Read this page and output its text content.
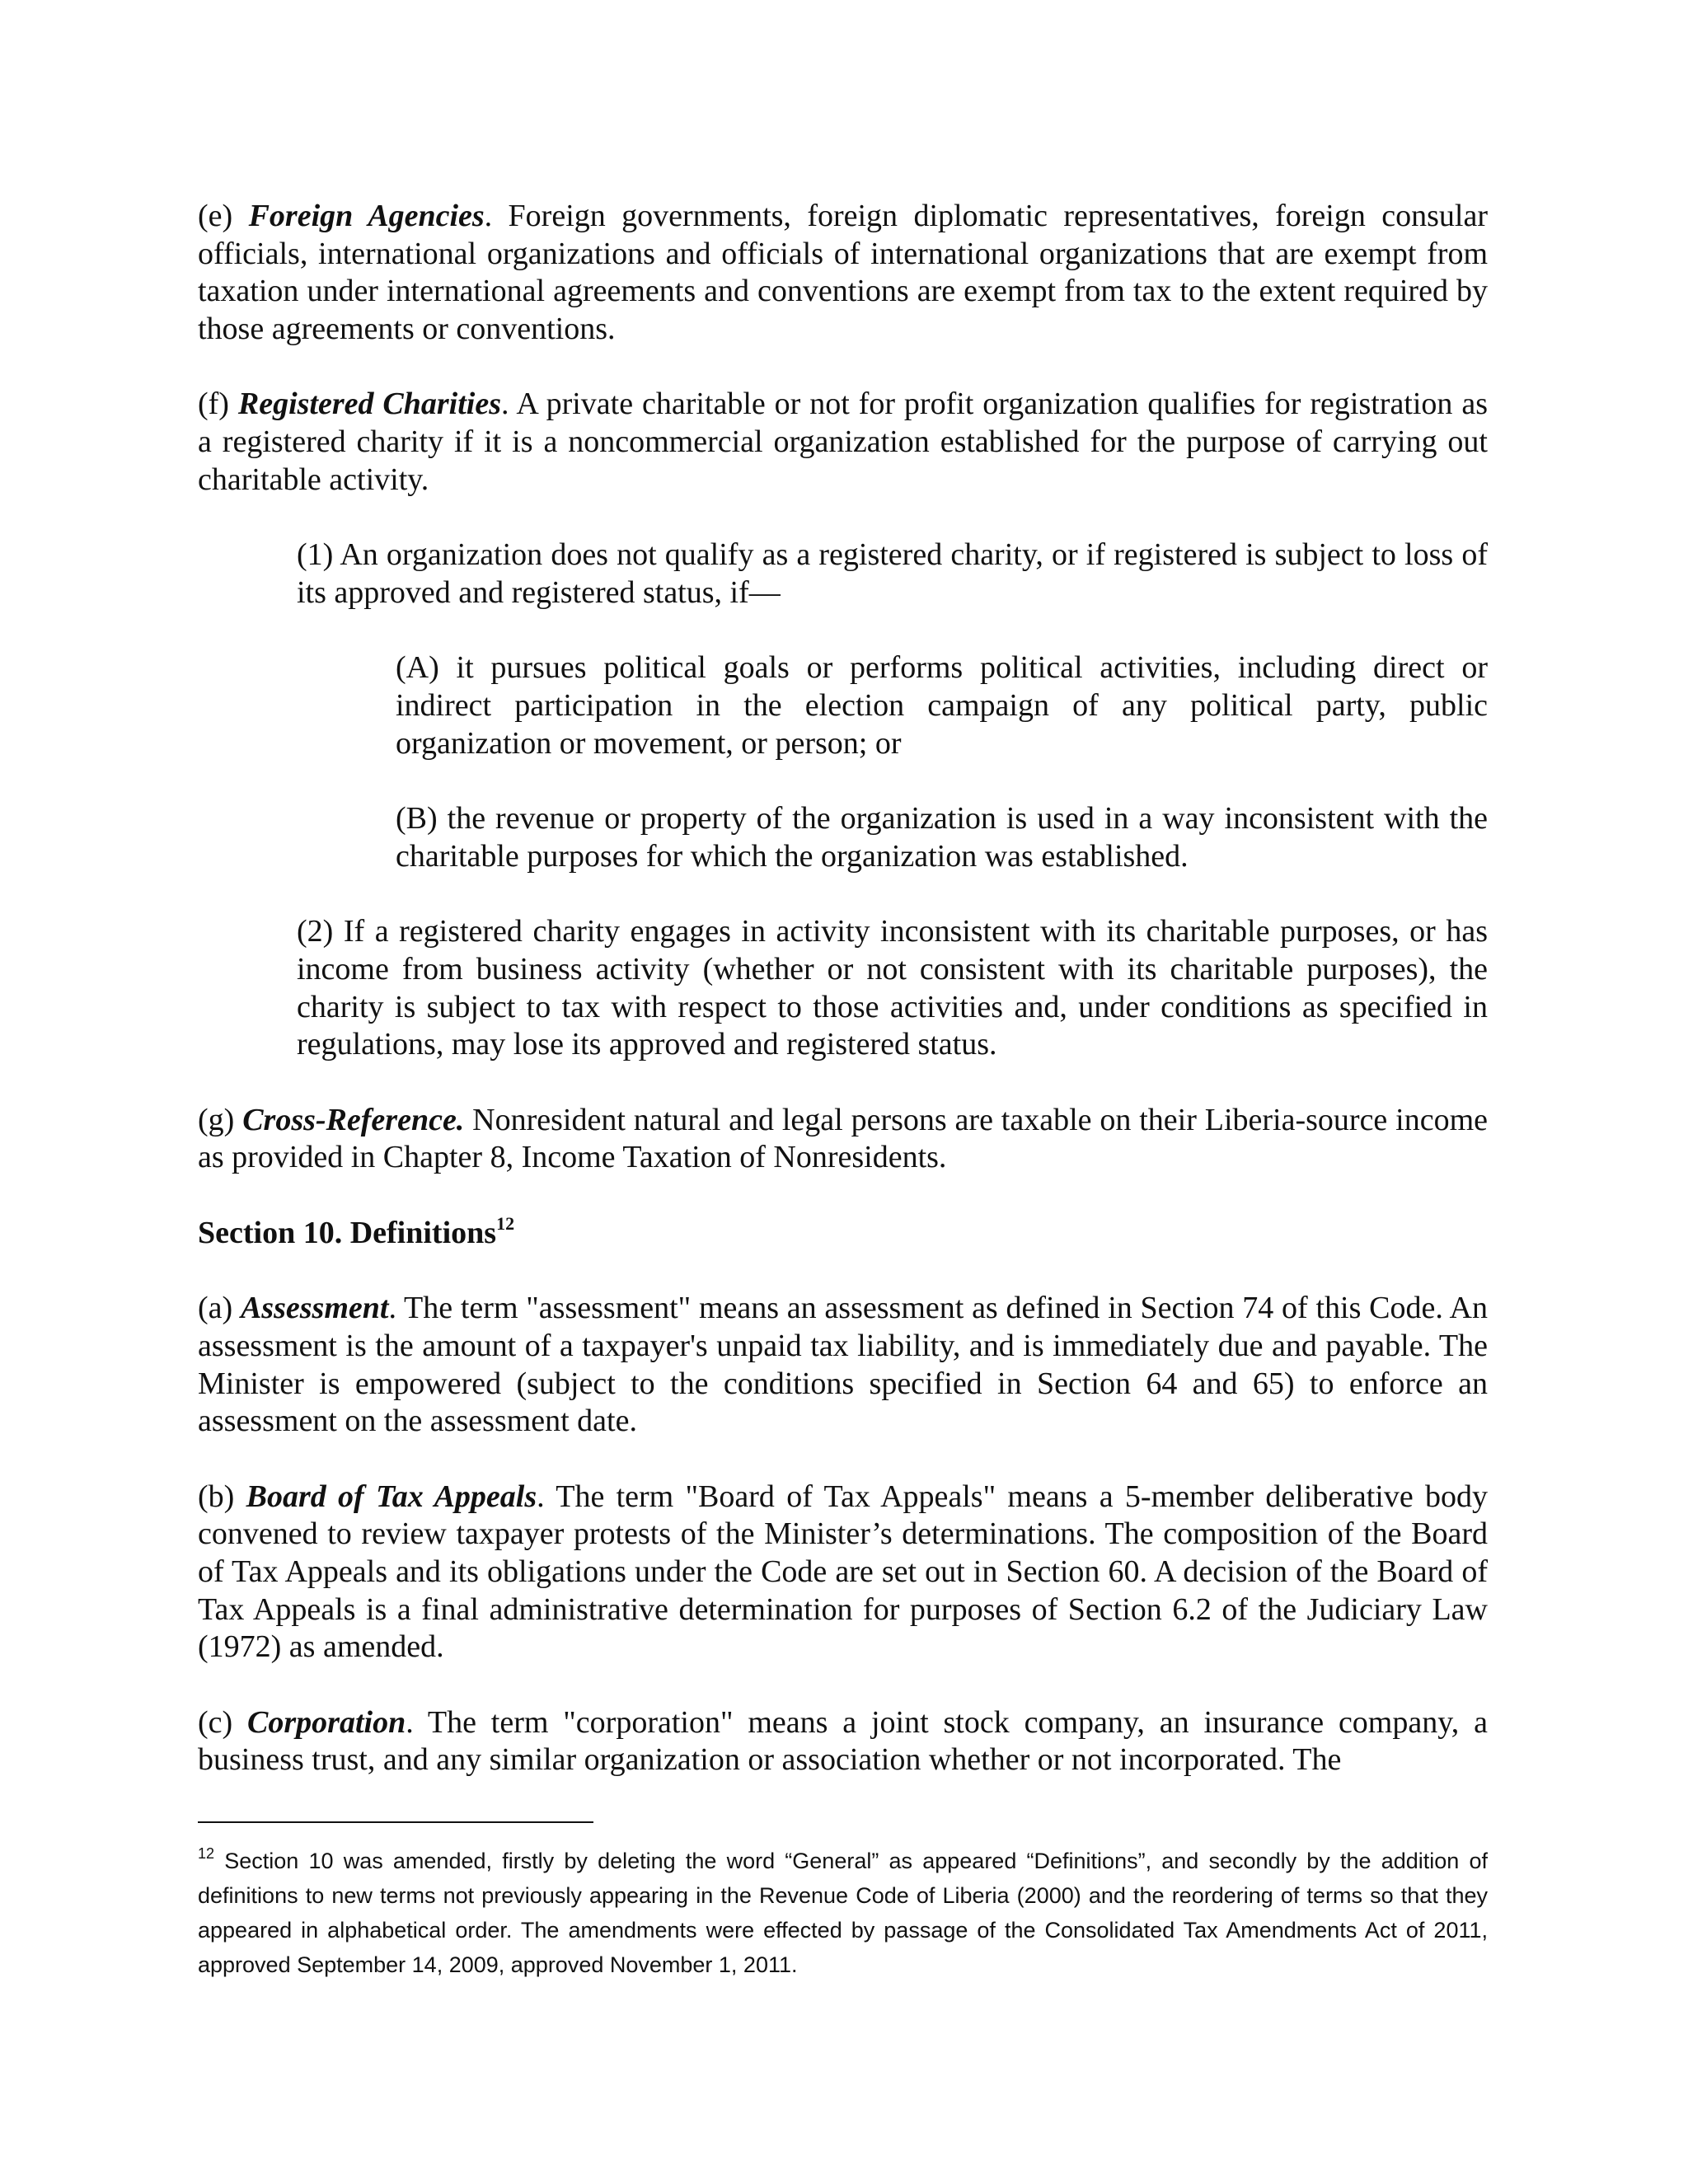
(e) Foreign Agencies. Foreign governments, foreign diplomatic representatives, foreign consular officials, international organizations and officials of international organizations that are exempt from taxation under international agreements and conventions are exempt from tax to the extent required by those agreements or conventions.

(f) Registered Charities. A private charitable or not for profit organization qualifies for registration as a registered charity if it is a noncommercial organization established for the purpose of carrying out charitable activity.

(1) An organization does not qualify as a registered charity, or if registered is subject to loss of its approved and registered status, if—

(A) it pursues political goals or performs political activities, including direct or indirect participation in the election campaign of any political party, public organization or movement, or person; or

(B) the revenue or property of the organization is used in a way inconsistent with the charitable purposes for which the organization was established.

(2) If a registered charity engages in activity inconsistent with its charitable purposes, or has income from business activity (whether or not consistent with its charitable purposes), the charity is subject to tax with respect to those activities and, under conditions as specified in regulations, may lose its approved and registered status.

(g) Cross-Reference. Nonresident natural and legal persons are taxable on their Liberia-source income as provided in Chapter 8, Income Taxation of Nonresidents.

Section 10. Definitions$^{12}$

(a) Assessment. The term "assessment" means an assessment as defined in Section 74 of this Code. An assessment is the amount of a taxpayer's unpaid tax liability, and is immediately due and payable. The Minister is empowered (subject to the conditions specified in Section 64 and 65) to enforce an assessment on the assessment date.

(b) Board of Tax Appeals. The term "Board of Tax Appeals" means a 5-member deliberative body convened to review taxpayer protests of the Minister’s determinations. The composition of the Board of Tax Appeals and its obligations under the Code are set out in Section 60. A decision of the Board of Tax Appeals is a final administrative determination for purposes of Section 6.2 of the Judiciary Law (1972) as amended.

(c) Corporation. The term "corporation" means a joint stock company, an insurance company, a business trust, and any similar organization or association whether or not incorporated. The

$^{12}$ Section 10 was amended, firstly by deleting the word “General” as appeared “Definitions”, and secondly by the addition of definitions to new terms not previously appearing in the Revenue Code of Liberia (2000) and the reordering of terms so that they appeared in alphabetical order. The amendments were effected by passage of the Consolidated Tax Amendments Act of 2011, approved September 14, 2009, approved November 1, 2011.
